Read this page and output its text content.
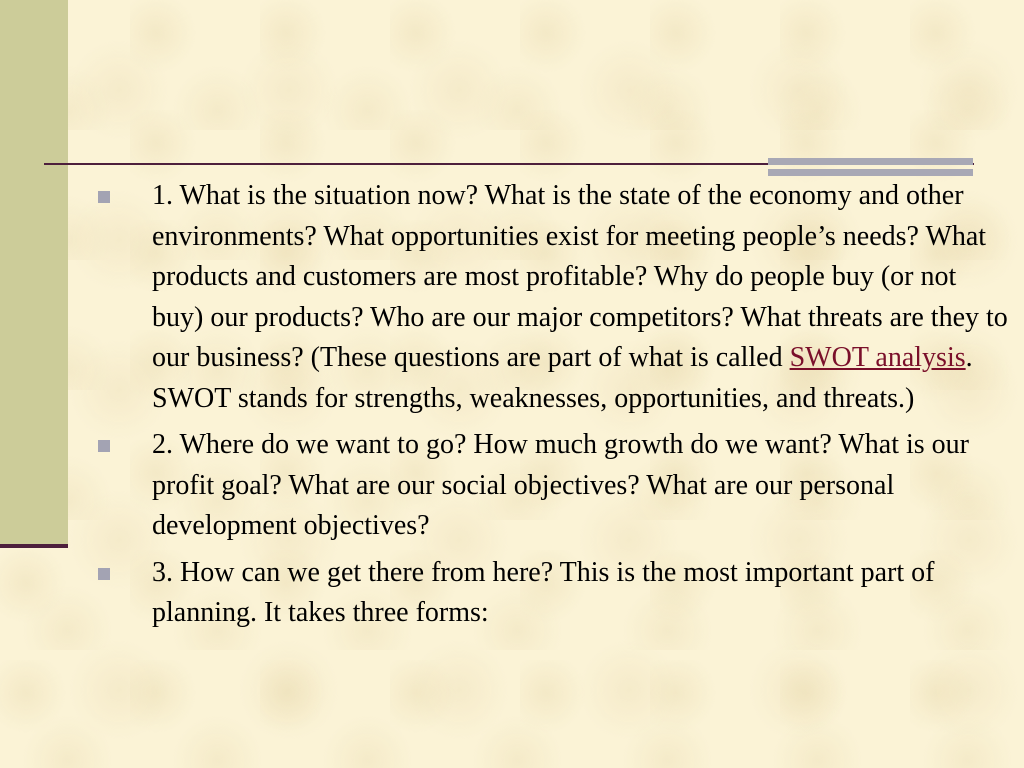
1. What is the situation now? What is the state of the economy and other environments? What opportunities exist for meeting people’s needs? What products and customers are most profitable? Why do people buy (or not buy) our products? Who are our major competitors? What threats are they to our business? (These questions are part of what is called SWOT analysis. SWOT stands for strengths, weaknesses, opportunities, and threats.)
2. Where do we want to go? How much growth do we want? What is our profit goal? What are our social objectives? What are our personal development objectives?
3. How can we get there from here? This is the most important part of planning. It takes three forms:
